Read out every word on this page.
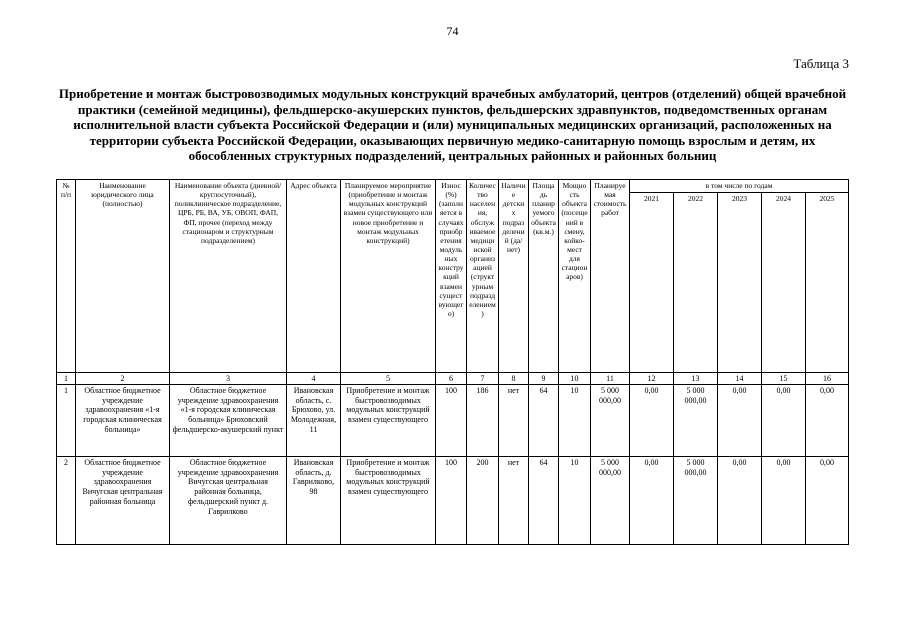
74
Таблица 3
Приобретение и монтаж быстровозводимых модульных конструкций врачебных амбулаторий, центров (отделений) общей врачебной практики (семейной медицины), фельдшерско-акушерских пунктов, фельдшерских здравпунктов, подведомственных органам исполнительной власти субъекта Российской Федерации и (или) муниципальных медицинских организаций, расположенных на территории субъекта Российской Федерации, оказывающих первичную медико-санитарную помощь взрослым и детям, их обособленных структурных подразделений, центральных районных и районных больниц
№ п/п	Наименование юридического лица (полностью)	Наименование объекта (дневной/круглосуточный), поликлиническое подразделение, ЦРБ, РБ, ВА, УБ, ОВОП, ФАП, ФП, прочее (переход между стационаром и структурным подразделением)	Адрес объекта	Планируемое мероприятие (приобретение и монтаж модульных конструкций взамен существующего или новое приобретение и монтаж модульных конструкций)	Износ (%) (заполняется в случаях приобретения модульных конструкций взамен существующего)	Количество населения, обслуживаемое медицинской организацией (структурным подразделением)	Наличие детских подразделений (да/нет)	Площадь планируемого объекта (кв.м.)	Мощность объекта (посещений в смену, койко-мест для стационаров)	Планируемая стоимость работ	в том числе по годам				
											2021	2022	2023	2024	2025
1	2	3	4	5	6	7	8	9	10	11	12	13	14	15	16
1	Областное бюджетное учреждение здравоохранения «1-я городская клиническая больница»	Областное бюджетное учреждение здравоохранения «1-я городская клиническая больница» Брюховский фельдшерско-акушерский пункт	Ивановская область, с. Брюхово, ул. Молодежная, 11	Приобретение и монтаж быстровозводимых модульных конструкций взамен существующего	100	186	нет	64	10	5 000 000,00	0,00	5 000 000,00	0,00	0,00	0,00
2	Областное бюджетное учреждение здравоохранения Вичугская центральная районная больница	Областное бюджетное учреждение здравоохранения Вичугская центральная районная больница, фельдшерский пункт д. Гаврилково	Ивановская область, д. Гаврилково, 98	Приобретение и монтаж быстровозводимых модульных конструкций взамен существующего	100	200	нет	64	10	5 000 000,00	0,00	5 000 000,00	0,00	0,00	0,00
